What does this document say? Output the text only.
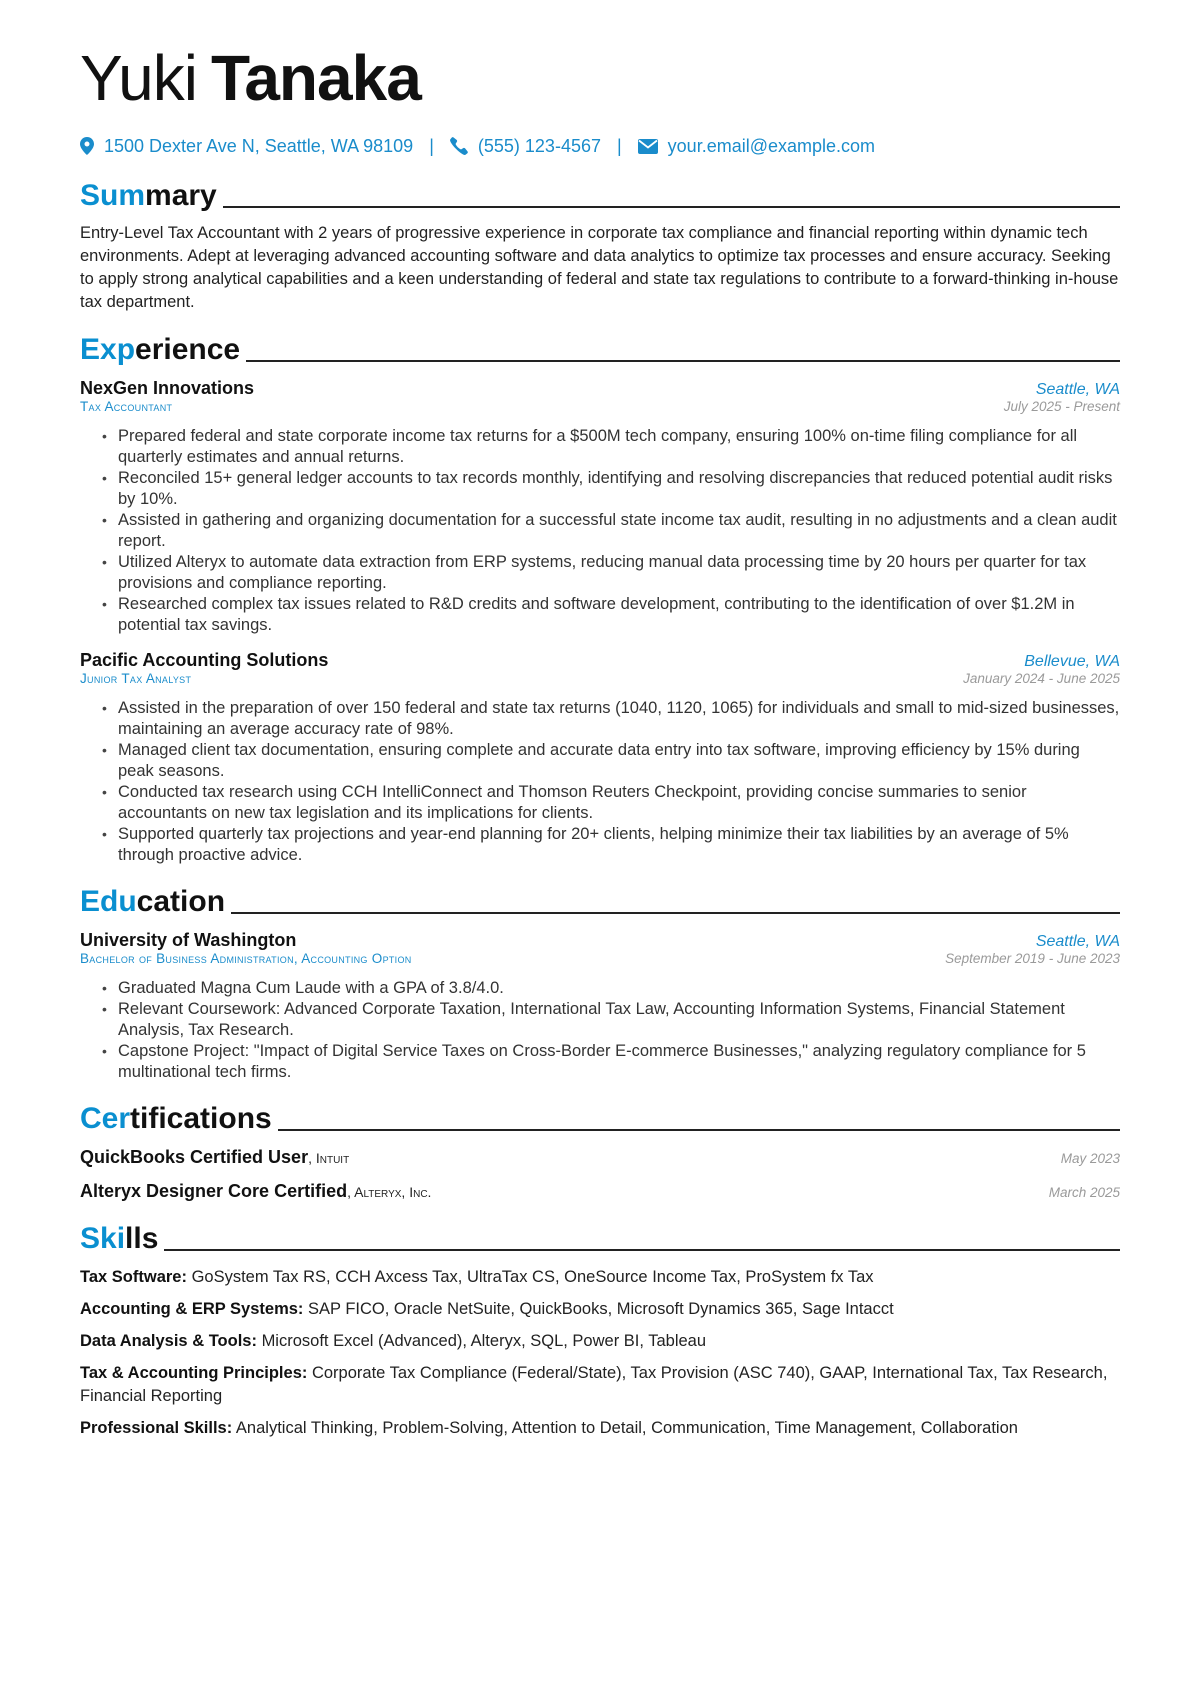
Yuki Tanaka
1500 Dexter Ave N, Seattle, WA 98109 | (555) 123-4567 |	your.email@example.com
Summary
Entry-Level Tax Accountant with 2 years of progressive experience in corporate tax compliance and financial reporting within dynamic tech environments. Adept at leveraging advanced accounting software and data analytics to optimize tax processes and ensure accuracy. Seeking to apply strong analytical capabilities and a keen understanding of federal and state tax regulations to contribute to a forward-thinking in-house tax department.
Experience
NexGen Innovations	Seattle, WA
Tax Accountant	July 2025 - Present
• Prepared federal and state corporate income tax returns for a $500M tech company, ensuring 100% on-time filing compliance for all quarterly estimates and annual returns.
• Reconciled 15+ general ledger accounts to tax records monthly, identifying and resolving discrepancies that reduced potential audit risks by 10%.
• Assisted in gathering and organizing documentation for a successful state income tax audit, resulting in no adjustments and a clean audit report.
• Utilized Alteryx to automate data extraction from ERP systems, reducing manual data processing time by 20 hours per quarter for tax provisions and compliance reporting.
• Researched complex tax issues related to R&D credits and software development, contributing to the identification of over $1.2M in potential tax savings.
Pacific Accounting Solutions	Bellevue, WA
Junior Tax Analyst	January 2024 - June 2025
• Assisted in the preparation of over 150 federal and state tax returns (1040, 1120, 1065) for individuals and small to mid-sized businesses, maintaining an average accuracy rate of 98%.
• Managed client tax documentation, ensuring complete and accurate data entry into tax software, improving efficiency by 15% during peak seasons.
• Conducted tax research using CCH IntelliConnect and Thomson Reuters Checkpoint, providing concise summaries to senior accountants on new tax legislation and its implications for clients.
• Supported quarterly tax projections and year-end planning for 20+ clients, helping minimize their tax liabilities by an average of 5% through proactive advice.
Education
University of Washington	Seattle, WA
Bachelor of Business Administration, Accounting Option	September 2019 - June 2023
• Graduated Magna Cum Laude with a GPA of 3.8/4.0.
• Relevant Coursework: Advanced Corporate Taxation, International Tax Law, Accounting Information Systems, Financial Statement Analysis, Tax Research.
• Capstone Project: "Impact of Digital Service Taxes on Cross-Border E-commerce Businesses," analyzing regulatory compliance for 5 multinational tech firms.
Certifications
QuickBooks Certified User, Intuit	May 2023
Alteryx Designer Core Certified, Alteryx, Inc.	March 2025
Skills
Tax Software: GoSystem Tax RS, CCH Axcess Tax, UltraTax CS, OneSource Income Tax, ProSystem fx Tax
Accounting & ERP Systems: SAP FICO, Oracle NetSuite, QuickBooks, Microsoft Dynamics 365, Sage Intacct
Data Analysis & Tools: Microsoft Excel (Advanced), Alteryx, SQL, Power BI, Tableau
Tax & Accounting Principles: Corporate Tax Compliance (Federal/State), Tax Provision (ASC 740), GAAP, International Tax, Tax Research, Financial Reporting
Professional Skills: Analytical Thinking, Problem-Solving, Attention to Detail, Communication, Time Management, Collaboration
